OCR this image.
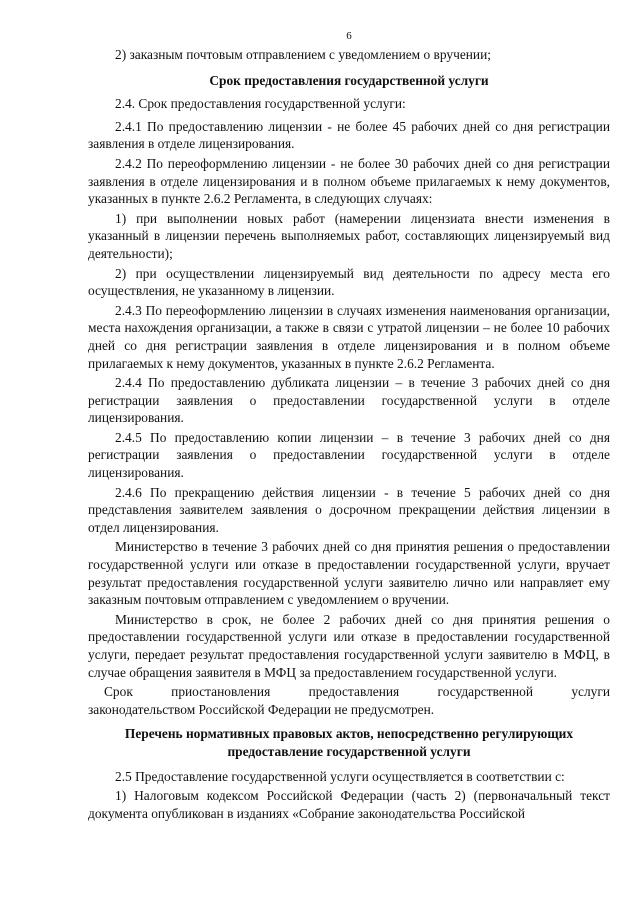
6

2) заказным почтовым отправлением с уведомлением о вручении;

Срок предоставления государственной услуги

2.4. Срок предоставления государственной услуги:

2.4.1 По предоставлению лицензии - не более 45 рабочих дней со дня регистрации заявления в отделе лицензирования.

2.4.2 По переоформлению лицензии - не более 30 рабочих дней со дня регистрации заявления в отделе лицензирования и в полном объеме прилагаемых к нему документов, указанных в пункте 2.6.2 Регламента, в следующих случаях:

1) при выполнении новых работ (намерении лицензиата внести изменения в указанный в лицензии перечень выполняемых работ, составляющих лицензируемый вид деятельности);

2) при осуществлении лицензируемый вид деятельности по адресу места его осуществления, не указанному в лицензии.

2.4.3 По переоформлению лицензии в случаях изменения наименования организации, места нахождения организации, а также в связи с утратой лицензии – не более 10 рабочих дней со дня регистрации заявления в отделе лицензирования и в полном объеме прилагаемых к нему документов, указанных в пункте 2.6.2 Регламента.

2.4.4 По предоставлению дубликата лицензии – в течение 3 рабочих дней со дня регистрации заявления о предоставлении государственной услуги в отделе лицензирования.

2.4.5 По предоставлению копии лицензии – в течение 3 рабочих дней со дня регистрации заявления о предоставлении государственной услуги в отделе лицензирования.

2.4.6 По прекращению действия лицензии - в течение 5 рабочих дней со дня представления заявителем заявления о досрочном прекращении действия лицензии в отдел лицензирования.

Министерство в течение 3 рабочих дней со дня принятия решения о предоставлении государственной услуги или отказе в предоставлении государственной услуги, вручает результат предоставления государственной услуги заявителю лично или направляет ему заказным почтовым отправлением с уведомлением о вручении.

Министерство в срок, не более 2 рабочих дней со дня принятия решения о предоставлении государственной услуги или отказе в предоставлении государственной услуги, передает результат предоставления государственной услуги заявителю в МФЦ, в случае обращения заявителя в МФЦ за предоставлением государственной услуги.

Срок	приостановления	предоставления	государственной	услуги

законодательством Российской Федерации не предусмотрен.

Перечень нормативных правовых актов, непосредственно регулирующих
предоставление государственной услуги

2.5 Предоставление государственной услуги осуществляется в соответствии с:

1) Налоговым кодексом Российской Федерации (часть 2) (первоначальный текст документа опубликован в изданиях «Собрание законодательства Российской
